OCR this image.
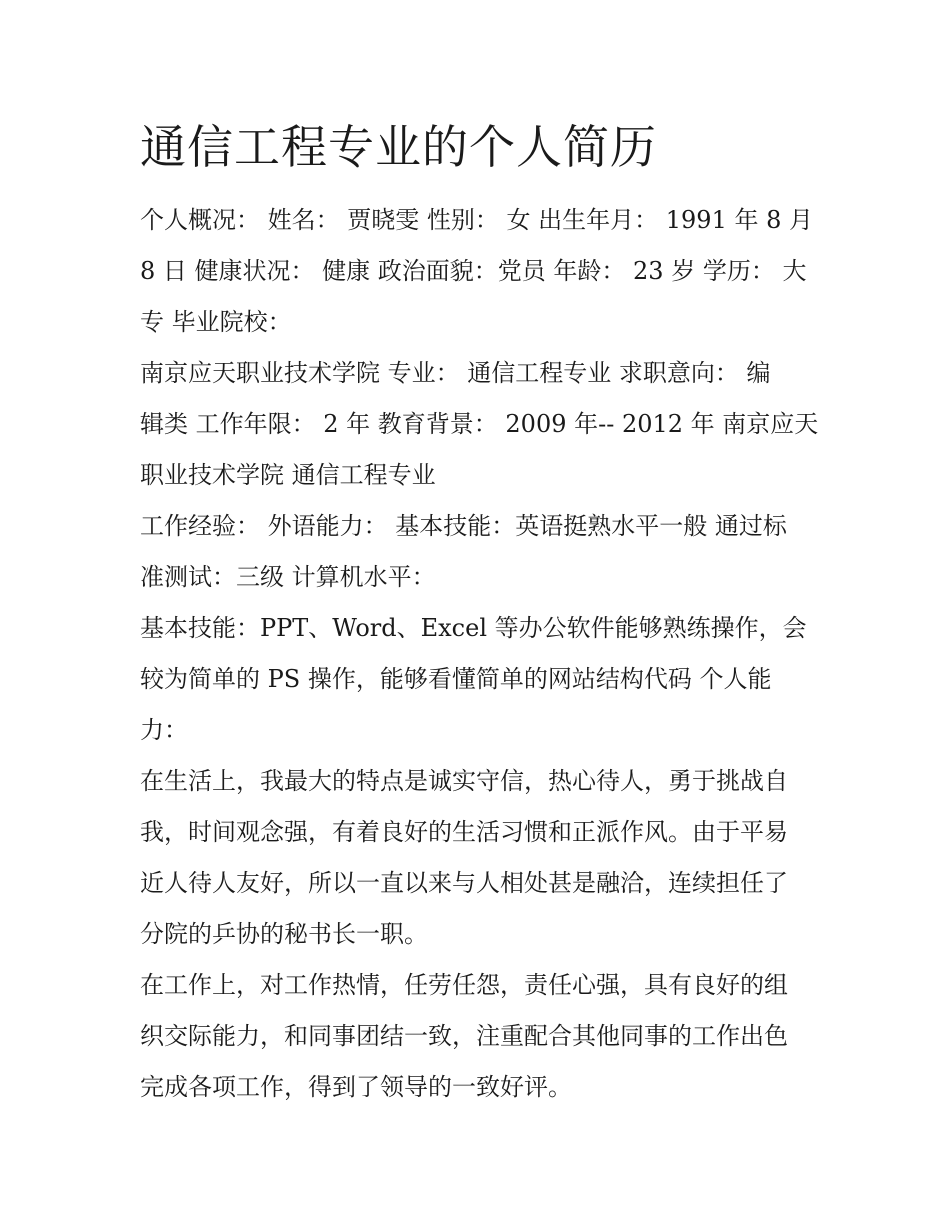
通信工程专业的个人简历

个人概况： 姓名： 贾晓雯 性别： 女 出生年月： 1991 年 8 月

8 日 健康状况： 健康 政治面貌：党员 年龄： 23 岁 学历： 大

专 毕业院校：

南京应天职业技术学院 专业： 通信工程专业 求职意向： 编

辑类 工作年限： 2 年 教育背景： 2009 年-- 2012 年 南京应天

职业技术学院 通信工程专业

工作经验： 外语能力： 基本技能：英语挺熟水平一般 通过标

准测试：三级 计算机水平：

基本技能：PPT、Word、Excel 等办公软件能够熟练操作，会

较为简单的 PS 操作，能够看懂简单的网站结构代码 个人能

力：

在生活上，我最大的特点是诚实守信，热心待人，勇于挑战自

我，时间观念强，有着良好的生活习惯和正派作风。由于平易

近人待人友好，所以一直以来与人相处甚是融洽，连续担任了

分院的乒协的秘书长一职。

在工作上，对工作热情，任劳任怨，责任心强，具有良好的组

织交际能力，和同事团结一致，注重配合其他同事的工作出色

完成各项工作，得到了领导的一致好评。
